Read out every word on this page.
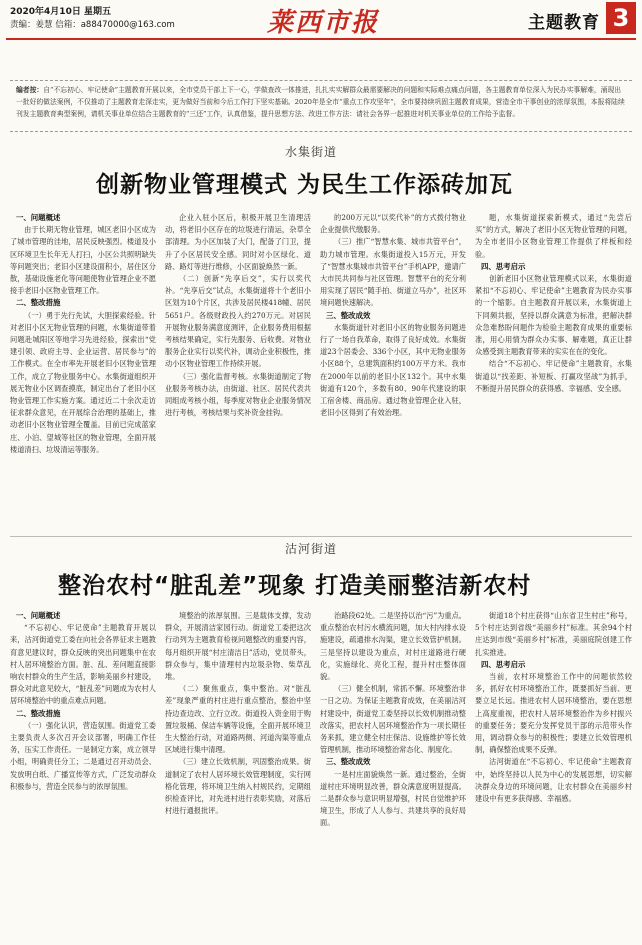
2020年4月10日 星期五
责编：姜慧 信箱：a88470000@163.com	莱西市报	主题教育 3
编者按：自“不忘初心、牢记使命”主题教育开展以来，全市党员干部上下一心，学做查改一体推进，扎扎实实解群众最需要解决的问题和实际难点痛点问题，各主题教育单位深入为民办实事解难，涌现出一批好的做法案例，不仅推动了主题教育走深走实，更为做好当前和今后工作打下坚实基础。2020年是全市“重点工作攻坚年”，全市要持续巩固主题教育成果，营造全市干事创业的浓厚氛围，本报将陆续刊发主题教育典型案例，请机关事业单位结合主题教育的“三还”工作，认真借鉴，提升思想方法、改进工作方法：请社会各界一起推进对机关事业单位的工作给予监督。
水集街道
创新物业管理模式 为民生工作添砖加瓦

一、问题概述

由于长期无物业管理，城区老旧小区成为了城市管理的洼地，居民反映强烈。楼道及小区环境卫生长年无人打扫，小区公共照明缺失等问题突出；老旧小区建设面积小，居住区分散，基础设施老化等问题使物业管理企业不愿接手老旧小区物业管理工作。

二、整改措施

（一）勇于先行先试，大胆探索经验。针对老旧小区无物业管理的问题，水集街道带着问题赴城阳区等地学习先进经验，探索出“党建引领、政府主导、企业运营、居民参与”的工作模式。在全市率先开展老旧小区物业管理工作，成立了物业服务中心。水集街道组织开展无物业小区调查摸底，制定出台了老旧小区物业管理工作实施方案。通过近二十余次走访征求群众意见，在开展综合治理的基础上，推动老旧小区物业管理全覆盖。目前已完成蓝家庄、小泊、望城等社区的物业管理，全面开展楼道清扫、垃圾清运等服务。

企业入驻小区后，积极开展卫生清理活动，将老旧小区存在的垃圾进行清运，杂草全部清理。为小区加装了大门，配备了门卫，提升了小区居民安全感。同时对小区绿化、道路、路灯等进行维修，小区面貌焕然一新。

（二）创新“先享后交”，实行以奖代补。“先享后交”试点，水集街道将十个老旧小区划为10个片区，共涉及居民楼418幢、居民5651户。各级财政投入约270万元。对居民开展物业服务满意度测评，企业服务费用根据考核结果确定，实行先服务、后收费。对物业服务企业实行以奖代补，调动企业积极性，推动小区物业管理工作持续开展。

（三）强化监督考核。水集街道制定了物业服务考核办法，由街道、社区、居民代表共同组成考核小组，每季度对物业企业服务情况进行考核，考核结果与奖补资金挂钩。

的200万元以“以奖代补”的方式拨付物业企业提供代缴服务。

（三）推广“智慧水集、城市共管平台”，助力城市管理。水集街道投入15万元，开发了“智慧水集城市共管平台”手机APP，邀请广大市民共同参与社区管理。智慧平台的充分利用实现了居民“随手拍、街道立马办”，社区环境问题快速解决。

三、整改成效

水集街道针对老旧小区的物业服务问题进行了一场自我革命，取得了良好成效。水集街道23个居委会、336个小区，其中无物业服务小区88个，总建筑面积约100万平方米。我市在2000年以前的老旧小区132个。其中水集街道有120个，多数有80、90年代建设的职工宿舍楼、商品房。通过物业管理企业入驻，老旧小区得到了有效治理。

题，水集街道探索新模式，通过“先尝后买”的方式，解决了老旧小区无物业管理的问题，为全市老旧小区物业管理工作提供了样板和经验。

四、思考启示

创新老旧小区物业管理模式以来，水集街道紧扣“不忘初心、牢记使命”主题教育为民办实事的一个缩影。自主题教育开展以来，水集街道上下同频共振，坚持以群众满意为标准，把解决群众急难愁盼问题作为检验主题教育成果的重要标准，用心用情为群众办实事、解难题，真正让群众感受到主题教育带来的实实在在的变化。

结合“不忘初心、牢记使命”主题教育，水集街道以“找差距、补短板、打赢攻坚战”为抓手，不断提升居民群众的获得感、幸福感、安全感。

沽河街道
整治农村“脏乱差”现象 打造美丽整洁新农村

一、问题概述

“不忘初心、牢记使命”主题教育开展以来，沽河街道党工委在向社会各界征求主题教育意见建议时，群众反映的突出问题集中在农村人居环境整治方面。脏、乱、差问题直接影响农村群众的生产生活，影响美丽乡村建设，群众对此意见较大，“脏乱差”问题成为农村人居环境整治中的重点难点问题。

二、整改措施

（一）强化认识，营造氛围。街道党工委主要负责人多次召开会议部署，明确工作任务，压实工作责任。一是制定方案，成立领导小组，明确责任分工；二是通过召开动员会、发放明白纸、广播宣传等方式，广泛发动群众积极参与，营造全民参与的浓厚氛围。

境整治的浓厚氛围。三是载体支撑，发动群众，开展清洁家园行动。街道党工委把这次行动列为主题教育检视问题整改的重要内容，每月组织开展“村庄清洁日”活动，党员带头，群众参与，集中清理村内垃圾杂物、柴草乱堆。

（二）聚焦重点，集中整治。对“脏乱差”现象严重的村庄进行重点整治，整治中坚持边查边改、立行立改。街道投入资金用于购置垃圾桶、保洁车辆等设施，全面开展环境卫生大整治行动，对道路两侧、河道沟渠等重点区域进行集中清理。

（三）建立长效机制，巩固整治成果。街道制定了农村人居环境长效管理制度，实行网格化管理，将环境卫生纳入村规民约，定期组织检查评比，对先进村进行表彰奖励，对落后村进行通报批评。

治路段62处。二是坚持以治“污”为重点。重点整治农村污水横流问题，加大村内排水设施建设，疏通排水沟渠，建立长效管护机制。三是坚持以建设为重点，对村庄道路进行硬化，实施绿化、亮化工程，提升村庄整体面貌。

（三）健全机制，常抓不懈。环境整治非一日之功。为保证主题教育成效，在美丽沽河村建设中，街道党工委坚持以长效机制推动整改落实，把农村人居环境整治作为一项长期任务来抓，建立健全村庄保洁、设施维护等长效管理机制，推动环境整治常态化、制度化。

三、整改成效

一是村庄面貌焕然一新。通过整治，全街道村庄环境明显改善，群众满意度明显提高。二是群众参与意识明显增强，村民自觉维护环境卫生，形成了人人参与、共建共享的良好局面。

街道18个村庄获得“山东省卫生村庄”称号，5个村庄达到省级“美丽乡村”标准。其余94个村庄达到市级“美丽乡村”标准，美丽庭院创建工作扎实推进。

四、思考启示

当前，农村环境整治工作中的问题依然较多，抓好农村环境整治工作，既要抓好当前、更要立足长远。推进农村人居环境整治，要在思想上高度重视，把农村人居环境整治作为乡村振兴的重要任务；要充分发挥党员干部的示范带头作用，调动群众参与的积极性；要建立长效管理机制，确保整治成果不反弹。

沽河街道在“不忘初心、牢记使命”主题教育中，始终坚持以人民为中心的发展思想，切实解决群众身边的环境问题，让农村群众在美丽乡村建设中有更多获得感、幸福感。
